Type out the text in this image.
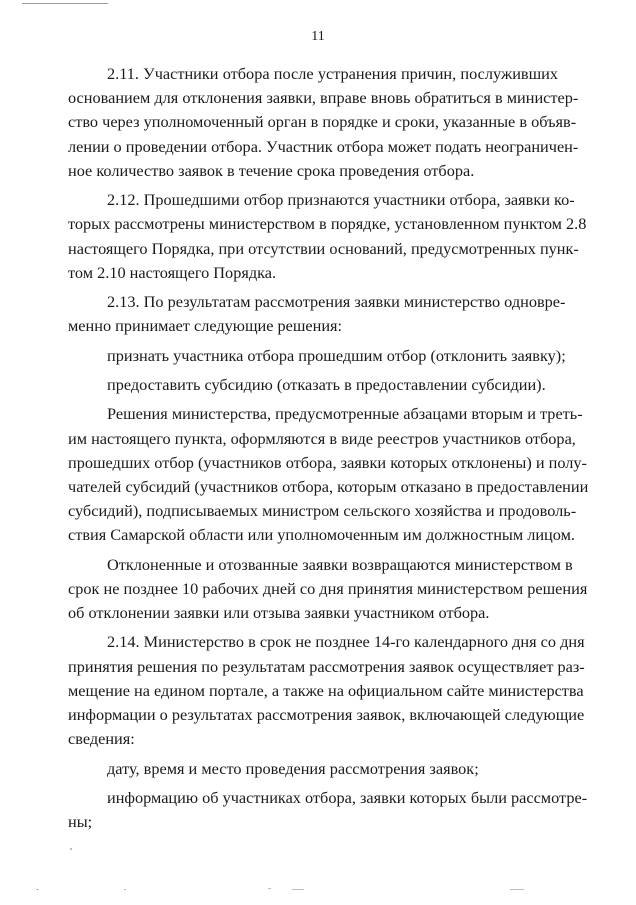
11
2.11. Участники отбора после устранения причин, послуживших
основанием для отклонения заявки, вправе вновь обратиться в министер-
ство через уполномоченный орган в порядке и сроки, указанные в объяв-
лении о проведении отбора. Участник отбора может подать неограничен-
ное количество заявок в течение срока проведения отбора.
2.12. Прошедшими отбор признаются участники отбора, заявки ко-
торых рассмотрены министерством в порядке, установленном пунктом 2.8
настоящего Порядка, при отсутствии оснований, предусмотренных пунк-
том 2.10 настоящего Порядка.
2.13. По результатам рассмотрения заявки министерство одновре-
менно принимает следующие решения:
признать участника отбора прошедшим отбор (отклонить заявку);
предоставить субсидию (отказать в предоставлении субсидии).
Решения министерства, предусмотренные абзацами вторым и треть-
им настоящего пункта, оформляются в виде реестров участников отбора,
прошедших отбор (участников отбора, заявки которых отклонены) и полу-
чателей субсидий (участников отбора, которым отказано в предоставлении
субсидий), подписываемых министром сельского хозяйства и продоволь-
ствия Самарской области или уполномоченным им должностным лицом.
Отклоненные и отозванные заявки возвращаются министерством в
срок не позднее 10 рабочих дней со дня принятия министерством решения
об отклонении заявки или отзыва заявки участником отбора.
2.14. Министерство в срок не позднее 14-го календарного дня со дня
принятия решения по результатам рассмотрения заявок осуществляет раз-
мещение на едином портале, а также на официальном сайте министерства
информации о результатах рассмотрения заявок, включающей следующие
сведения:
дату, время и место проведения рассмотрения заявок;
информацию об участниках отбора, заявки которых были рассмотре-
ны;
